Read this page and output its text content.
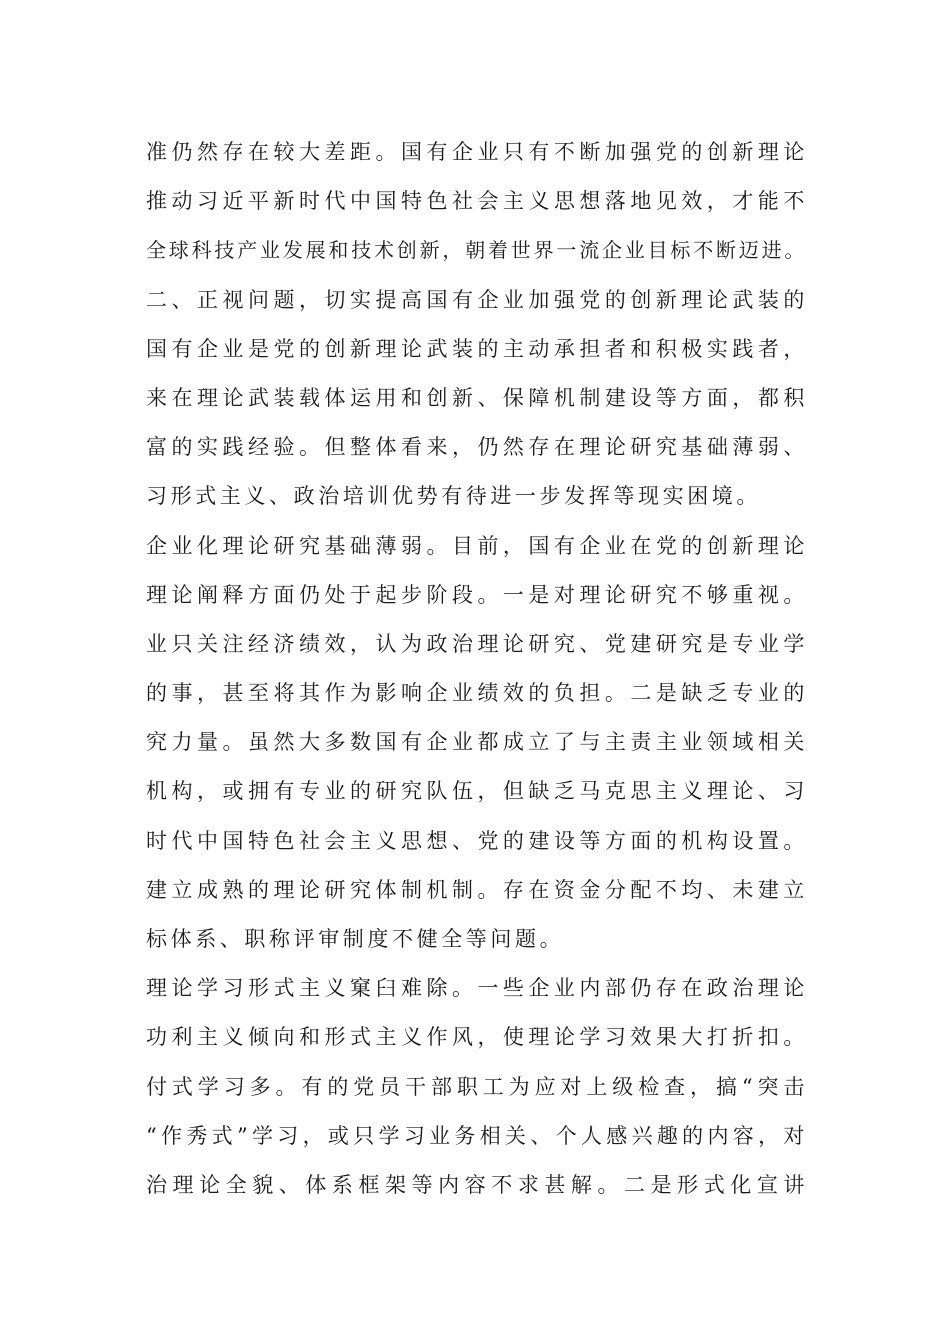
准仍然存在较大差距。国有企业只有不断加强党的创新理论
推动习近平新时代中国特色社会主义思想落地见效，才能不
全球科技产业发展和技术创新，朝着世界一流企业目标不断迈进。
二、正视问题，切实提高国有企业加强党的创新理论武装的
国有企业是党的创新理论武装的主动承担者和积极实践者，
来在理论武装载体运用和创新、保障机制建设等方面，都积
富的实践经验。但整体看来，仍然存在理论研究基础薄弱、
习形式主义、政治培训优势有待进一步发挥等现实困境。
企业化理论研究基础薄弱。目前，国有企业在党的创新理论
理论阐释方面仍处于起步阶段。一是对理论研究不够重视。
业只关注经济绩效，认为政治理论研究、党建研究是专业学
的事，甚至将其作为影响企业绩效的负担。二是缺乏专业的
究力量。虽然大多数国有企业都成立了与主责主业领域相关
机构，或拥有专业的研究队伍，但缺乏马克思主义理论、习
时代中国特色社会主义思想、党的建设等方面的机构设置。
建立成熟的理论研究体制机制。存在资金分配不均、未建立
标体系、职称评审制度不健全等问题。
理论学习形式主义窠臼难除。一些企业内部仍存在政治理论
功利主义倾向和形式主义作风，使理论学习效果大打折扣。
付式学习多。有的党员干部职工为应对上级检查，搞“突击
“作秀式”学习，或只学习业务相关、个人感兴趣的内容，对
治理论全貌、体系框架等内容不求甚解。二是形式化宣讲
